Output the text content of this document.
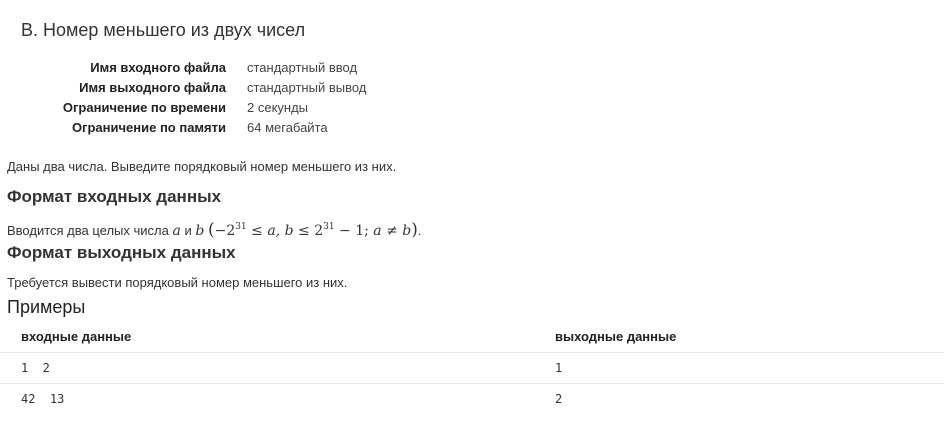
B. Номер меньшего из двух чисел
Имя входного файла	стандартный ввод
Имя выходного файла	стандартный вывод
Ограничение по времени	2 секунды
Ограничение по памяти	64 мегабайта
Даны два числа. Выведите порядковый номер меньшего из них.
Формат входных данных
Вводится два целых числа a и b ($-2^{31} \le a$, $b \le 2^{31} - 1$; a ≠ b).
Формат выходных данных
Требуется вывести порядковый номер меньшего из них.
Примеры
входные данные	выходные данные
1  2	1
42  13	2
